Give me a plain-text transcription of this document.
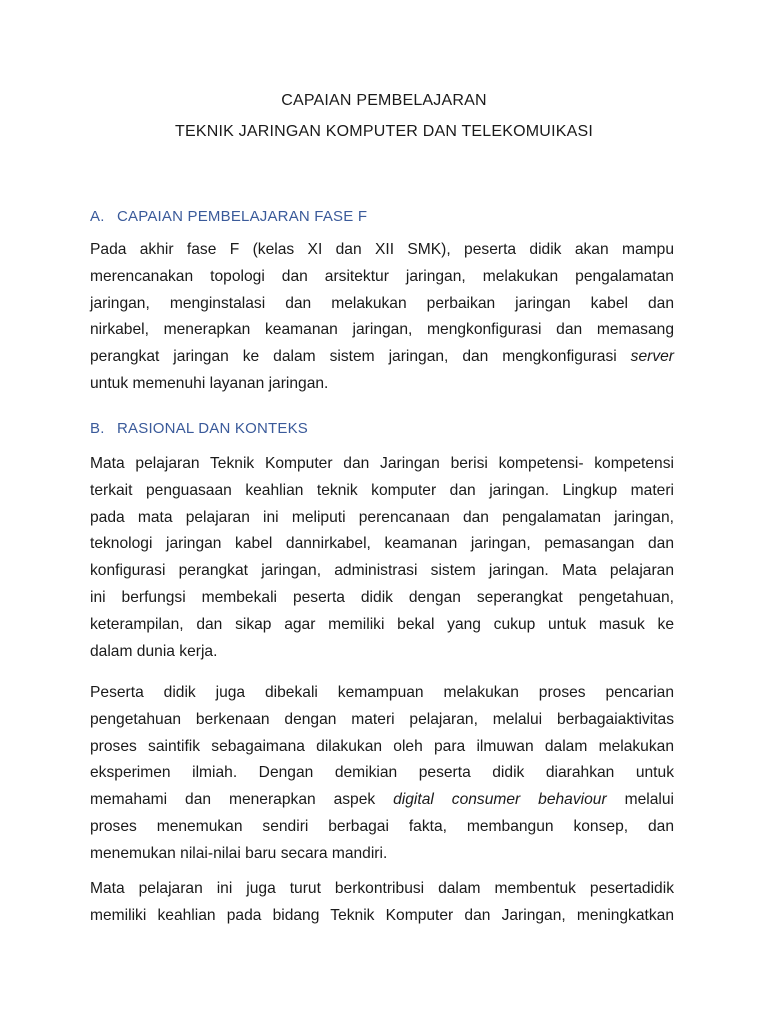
CAPAIAN PEMBELAJARAN
TEKNIK JARINGAN KOMPUTER DAN TELEKOMUIKASI
A. CAPAIAN PEMBELAJARAN FASE F

Pada akhir fase F (kelas XI dan XII SMK), peserta didik akan mampu
merencanakan topologi dan arsitektur jaringan, melakukan pengalamatan
jaringan, menginstalasi dan melakukan perbaikan jaringan kabel dan
nirkabel, menerapkan keamanan jaringan, mengkonfigurasi dan memasang
perangkat jaringan ke dalam sistem jaringan, dan mengkonfigurasi server
untuk memenuhi layanan jaringan.

B. RASIONAL DAN KONTEKS

Mata pelajaran Teknik Komputer dan Jaringan berisi kompetensi- kompetensi
terkait penguasaan keahlian teknik komputer dan jaringan. Lingkup materi
pada mata pelajaran ini meliputi perencanaan dan pengalamatan jaringan,
teknologi jaringan kabel dannirkabel, keamanan jaringan, pemasangan dan
konfigurasi perangkat jaringan, administrasi sistem jaringan. Mata pelajaran
ini berfungsi membekali peserta didik dengan seperangkat pengetahuan,
keterampilan, dan sikap agar memiliki bekal yang cukup untuk masuk ke
dalam dunia kerja.

Peserta didik juga dibekali kemampuan melakukan proses pencarian
pengetahuan berkenaan dengan materi pelajaran, melalui berbagaiaktivitas
proses saintifik sebagaimana dilakukan oleh para ilmuwan dalam melakukan
eksperimen ilmiah. Dengan demikian peserta didik diarahkan untuk
memahami dan menerapkan aspek digital consumer behaviour melalui
proses menemukan sendiri berbagai fakta, membangun konsep, dan
menemukan nilai-nilai baru secara mandiri.

Mata pelajaran ini juga turut berkontribusi dalam membentuk pesertadidik
memiliki keahlian pada bidang Teknik Komputer dan Jaringan, meningkatkan
